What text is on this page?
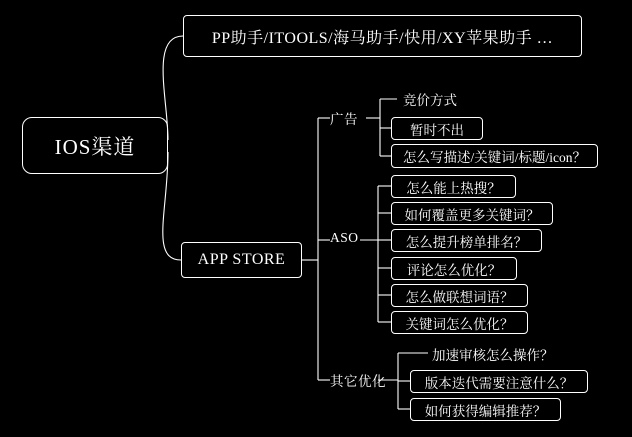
IOS渠道
PP助手/ITOOLS/海马助手/快用/XY苹果助手 …
APP STORE
广告
ASO
其它优化
竞价方式
暂时不出
怎么写描述/关键词/标题/icon？
怎么能上热搜？
如何覆盖更多关键词？
怎么提升榜单排名？
评论怎么优化？
怎么做联想词语？
关键词怎么优化？
加速审核怎么操作？
版本迭代需要注意什么？
如何获得编辑推荐？
